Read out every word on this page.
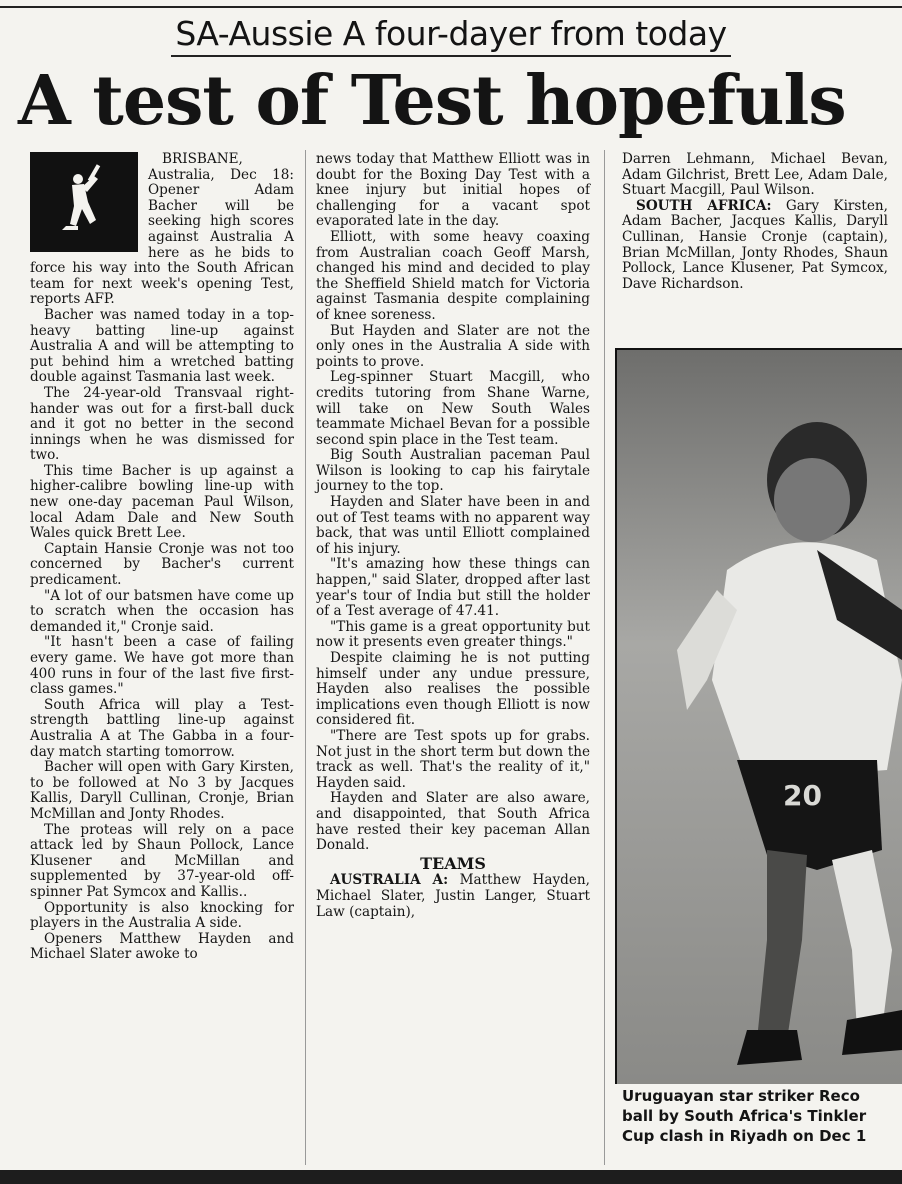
SA-Aussie A four-dayer from today
A test of Test hopefuls

BRISBANE, Australia, Dec 18: Opener Adam Bacher will be seeking high scores against Australia A here as he bids to force his way into the South African team for next week's opening Test, reports AFP.

Bacher was named today in a top-heavy batting line-up against Australia A and will be attempting to put behind him a wretched batting double against Tasmania last week.

The 24-year-old Transvaal right-hander was out for a first-ball duck and it got no better in the second innings when he was dismissed for two.

This time Bacher is up against a higher-calibre bowling line-up with new one-day paceman Paul Wilson, local Adam Dale and New South Wales quick Brett Lee.

Captain Hansie Cronje was not too concerned by Bacher's current predicament.

"A lot of our batsmen have come up to scratch when the occasion has demanded it," Cronje said.

"It hasn't been a case of failing every game. We have got more than 400 runs in four of the last five first-class games."

South Africa will play a Test-strength battling line-up against Australia A at The Gabba in a four-day match starting tomorrow.

Bacher will open with Gary Kirsten, to be followed at No 3 by Jacques Kallis, Daryll Cullinan, Cronje, Brian McMillan and Jonty Rhodes.

The proteas will rely on a pace attack led by Shaun Pollock, Lance Klusener and McMillan and supplemented by 37-year-old off-spinner Pat Symcox and Kallis..

Opportunity is also knocking for players in the Australia A side.

Openers Matthew Hayden and Michael Slater awoke to

news today that Matthew Elliott was in doubt for the Boxing Day Test with a knee injury but initial hopes of challenging for a vacant spot evaporated late in the day.

Elliott, with some heavy coaxing from Australian coach Geoff Marsh, changed his mind and decided to play the Sheffield Shield match for Victoria against Tasmania despite complaining of knee soreness.

But Hayden and Slater are not the only ones in the Australia A side with points to prove.

Leg-spinner Stuart Macgill, who credits tutoring from Shane Warne, will take on New South Wales teammate Michael Bevan for a possible second spin place in the Test team.

Big South Australian paceman Paul Wilson is looking to cap his fairytale journey to the top.

Hayden and Slater have been in and out of Test teams with no apparent way back, that was until Elliott complained of his injury.

"It's amazing how these things can happen," said Slater, dropped after last year's tour of India but still the holder of a Test average of 47.41.

"This game is a great opportunity but now it presents even greater things."

Despite claiming he is not putting himself under any undue pressure, Hayden also realises the possible implications even though Elliott is now considered fit.

"There are Test spots up for grabs. Not just in the short term but down the track as well. That's the reality of it," Hayden said.

Hayden and Slater are also aware, and disappointed, that South Africa have rested their key paceman Allan Donald.

TEAMS

AUSTRALIA A: Matthew Hayden, Michael Slater, Justin Langer, Stuart Law (captain),

Darren Lehmann, Michael Bevan, Adam Gilchrist, Brett Lee, Adam Dale, Stuart Macgill, Paul Wilson.

SOUTH AFRICA: Gary Kirsten, Adam Bacher, Jacques Kallis, Daryll Cullinan, Hansie Cronje (captain), Brian McMillan, Jonty Rhodes, Shaun Pollock, Lance Klusener, Pat Symcox, Dave Richardson.

20
Uruguayan star striker Reco
ball by South Africa's Tinkler
Cup clash in Riyadh on Dec 1
